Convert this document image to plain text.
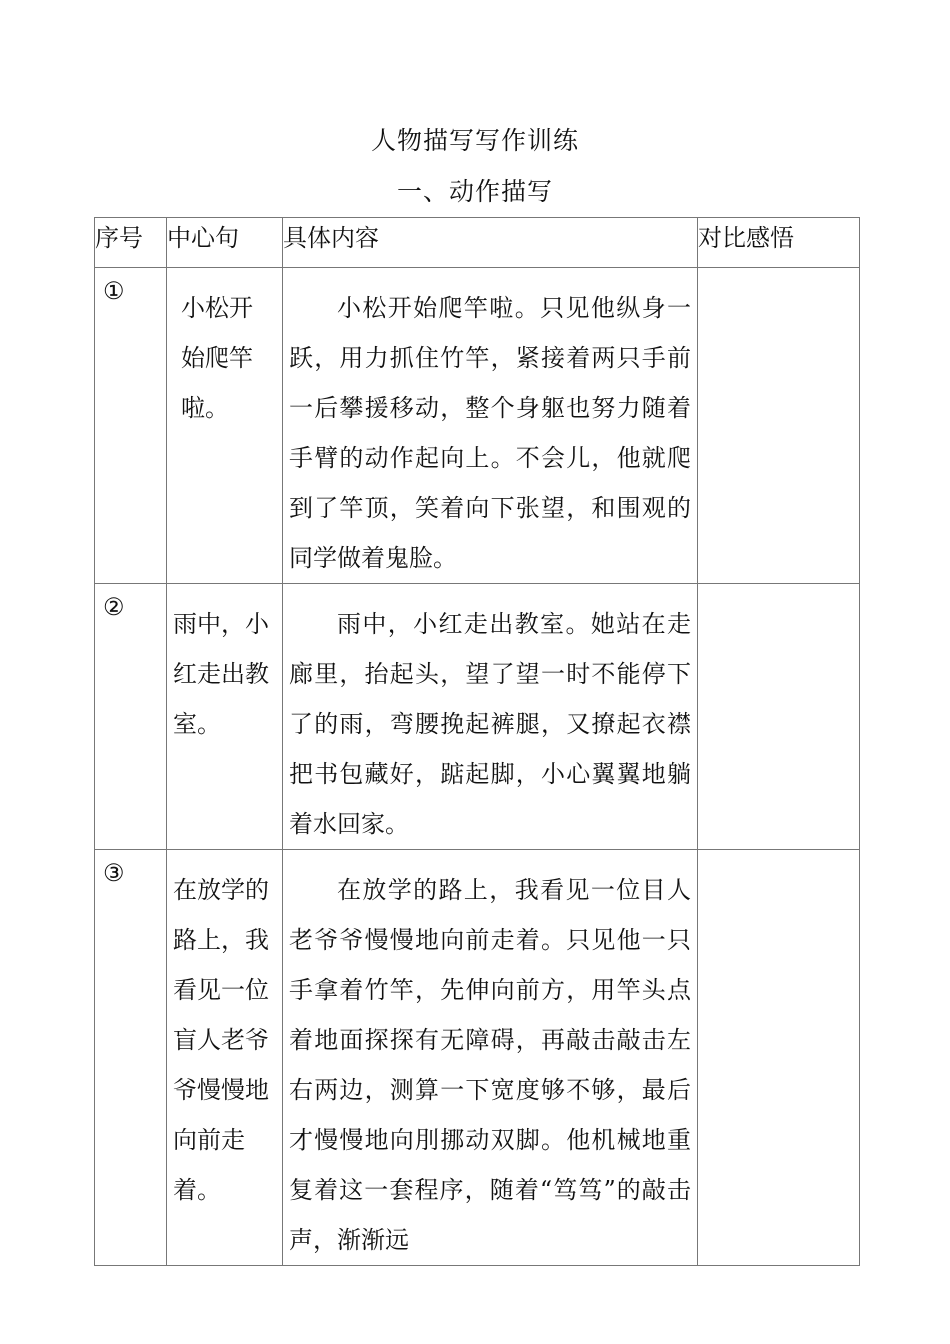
人物描写写作训练
一、动作描写
序号	中心句	具体内容	对比感悟
①	小松开始爬竿啦。	小松开始爬竿啦。只见他纵身一跃，用力抓住竹竿，紧接着两只手前一后攀援移动，整个身躯也努力随着手臂的动作起向上。不会儿，他就爬到了竿顶，笑着向下张望，和围观的同学做着鬼脸。	

②	雨中，小红走出教室。	雨中，小红走出教室。她站在走廊里，抬起头，望了望一时不能停下了的雨，弯腰挽起裤腿，又撩起衣襟把书包藏好，踮起脚，小心翼翼地躺着水回家。	

③	在放学的路上，我看见一位盲人老爷爷慢慢地向前走着。	在放学的路上，我看见一位目人老爷爷慢慢地向前走着。只见他一只手拿着竹竿，先伸向前方，用竿头点着地面探探有无障碍，再敲击敲击左右两边，测算一下宽度够不够，最后才慢慢地向刖挪动双脚。他机械地重复着这一套程序，随着“笃笃”的敲击声，渐渐远	
